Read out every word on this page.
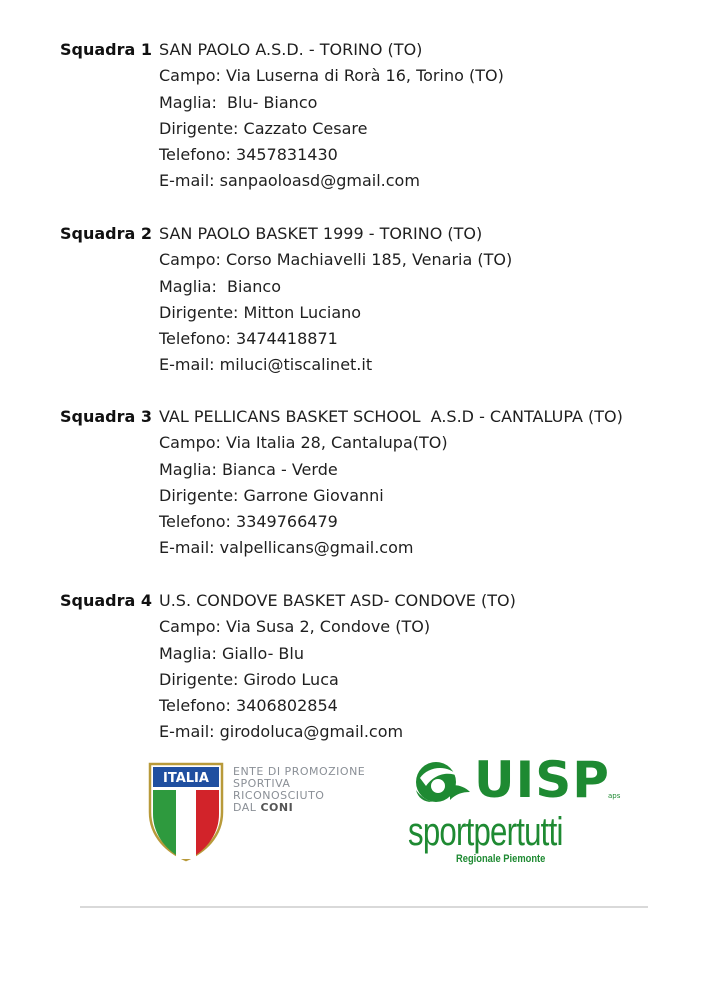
Squadra 1 SAN PAOLO A.S.D. - TORINO (TO)
Campo: Via Luserna di Rorà 16, Torino (TO)
Maglia:  Blu- Bianco
Dirigente: Cazzato Cesare
Telefono: 3457831430
E-mail: sanpaoloasd@gmail.com
Squadra 2 SAN PAOLO BASKET 1999 - TORINO (TO)
Campo: Corso Machiavelli 185, Venaria (TO)
Maglia:  Bianco
Dirigente: Mitton Luciano
Telefono: 3474418871
E-mail: miluci@tiscalinet.it
Squadra 3 VAL PELLICANS BASKET SCHOOL  A.S.D - CANTALUPA (TO)
Campo: Via Italia 28, Cantalupa(TO)
Maglia: Bianca - Verde
Dirigente: Garrone Giovanni
Telefono: 3349766479
E-mail: valpellicans@gmail.com
Squadra 4 U.S. CONDOVE BASKET ASD- CONDOVE (TO)
Campo: Via Susa 2, Condove (TO)
Maglia: Giallo- Blu
Dirigente: Girodo Luca
Telefono: 3406802854
E-mail: girodoluca@gmail.com
ITALIA ENTE DI PROMOZIONE
SPORTIVA
RICONOSCIUTO
DAL CONI	UISP
aps
sportpertutti
Regionale Piemonte
